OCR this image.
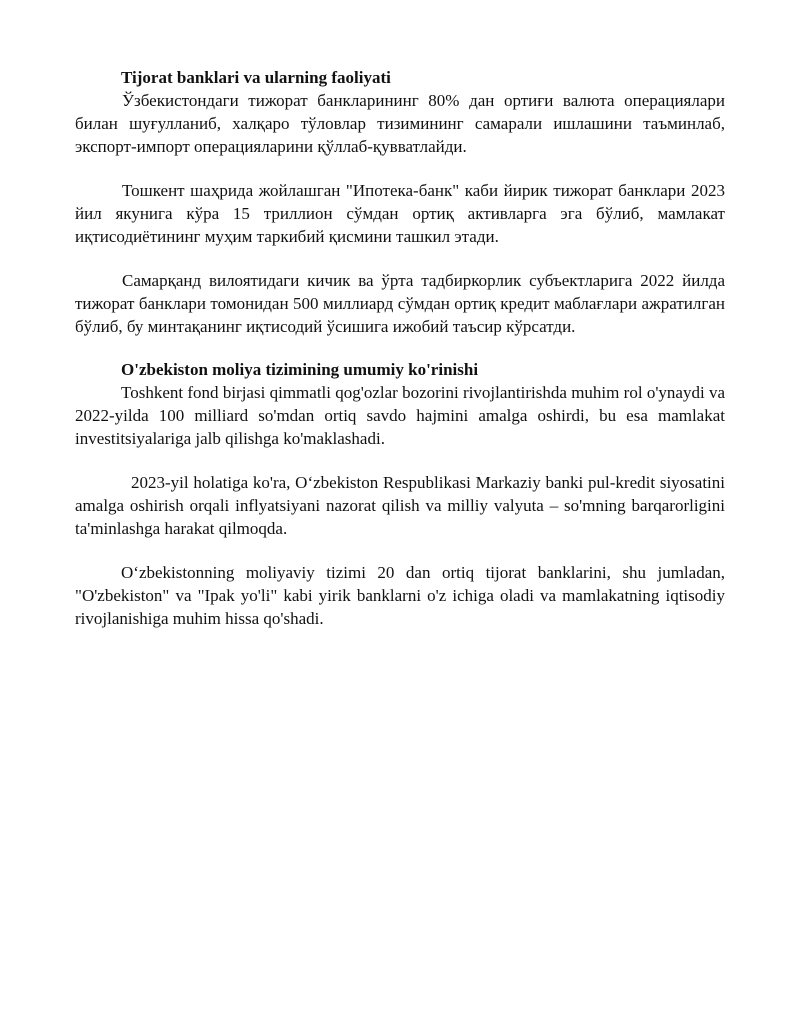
Tijorat banklari va ularning faoliyati

Ўзбекистондаги тижорат банкларининг 80% дан ортиғи валюта операциялари билан шуғулланиб, халқаро тўловлар тизимининг самарали ишлашини таъминлаб, экспорт-импорт операцияларини қўллаб-қувватлайди.

Тошкент шаҳрида жойлашган "Ипотека-банк" каби йирик тижорат банклари 2023 йил якунига кўра 15 триллион сўмдан ортиқ активларга эга бўлиб, мамлакат иқтисодиётининг муҳим таркибий қисмини ташкил этади.

Самарқанд вилоятидаги кичик ва ўрта тадбиркорлик субъектларига 2022 йилда тижорат банклари томонидан 500 миллиард сўмдан ортиқ кредит маблағлари ажратилган бўлиб, бу минтақанинг иқтисодий ўсишига ижобий таъсир кўрсатди.

O'zbekiston moliya tizimining umumiy ko'rinishi

Toshkent fond birjasi qimmatli qog'ozlar bozorini rivojlantirishda muhim rol o'ynaydi va 2022-yilda 100 milliard so'mdan ortiq savdo hajmini amalga oshirdi, bu esa mamlakat investitsiyalariga jalb qilishga ko'maklashadi.

2023-yil holatiga ko'ra, O‘zbekiston Respublikasi Markaziy banki pul-kredit siyosatini amalga oshirish orqali inflyatsiyani nazorat qilish va milliy valyuta – so'mning barqarorligini ta'minlashga harakat qilmoqda.

O‘zbekistonning moliyaviy tizimi 20 dan ortiq tijorat banklarini, shu jumladan, "O'zbekiston" va "Ipak yo'li" kabi yirik banklarni o'z ichiga oladi va mamlakatning iqtisodiy rivojlanishiga muhim hissa qo'shadi.
